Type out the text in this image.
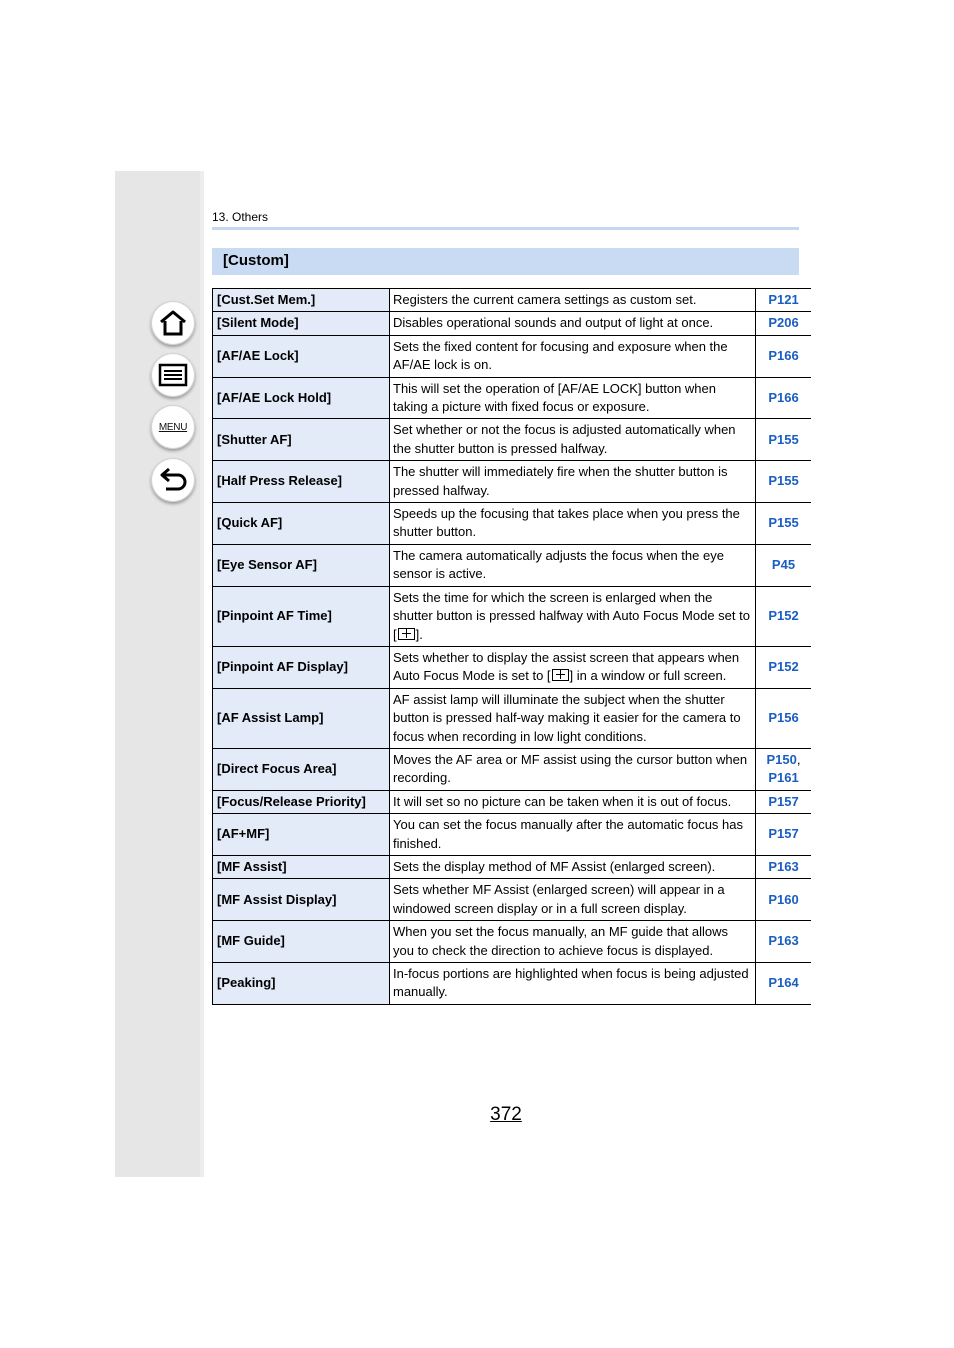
MENU
13. Others
[Custom]
[Cust.Set Mem.]	Registers the current camera settings as custom set.	P121
[Silent Mode]	Disables operational sounds and output of light at once.	P206
[AF/AE Lock]	Sets the fixed content for focusing and exposure when the AF/AE lock is on.	P166
[AF/AE Lock Hold]	This will set the operation of [AF/AE LOCK] button when taking a picture with fixed focus or exposure.	P166
[Shutter AF]	Set whether or not the focus is adjusted automatically when the shutter button is pressed halfway.	P155
[Half Press Release]	The shutter will immediately fire when the shutter button is pressed halfway.	P155
[Quick AF]	Speeds up the focusing that takes place when you press the shutter button.	P155
[Eye Sensor AF]	The camera automatically adjusts the focus when the eye sensor is active.	P45
[Pinpoint AF Time]	Sets the time for which the screen is enlarged when the shutter button is pressed halfway with Auto Focus Mode set to [ ].	P152
[Pinpoint AF Display]	Sets whether to display the assist screen that appears when Auto Focus Mode is set to [ ] in a window or full screen.	P152
[AF Assist Lamp]	AF assist lamp will illuminate the subject when the shutter button is pressed half-way making it easier for the camera to focus when recording in low light conditions.	P156
[Direct Focus Area]	Moves the AF area or MF assist using the cursor button when recording.	P150,
P161
[Focus/Release Priority]	It will set so no picture can be taken when it is out of focus.	P157
[AF+MF]	You can set the focus manually after the automatic focus has finished.	P157
[MF Assist]	Sets the display method of MF Assist (enlarged screen).	P163
[MF Assist Display]	Sets whether MF Assist (enlarged screen) will appear in a windowed screen display or in a full screen display.	P160
[MF Guide]	When you set the focus manually, an MF guide that allows you to check the direction to achieve focus is displayed.	P163
[Peaking]	In-focus portions are highlighted when focus is being adjusted manually.	P164
372
